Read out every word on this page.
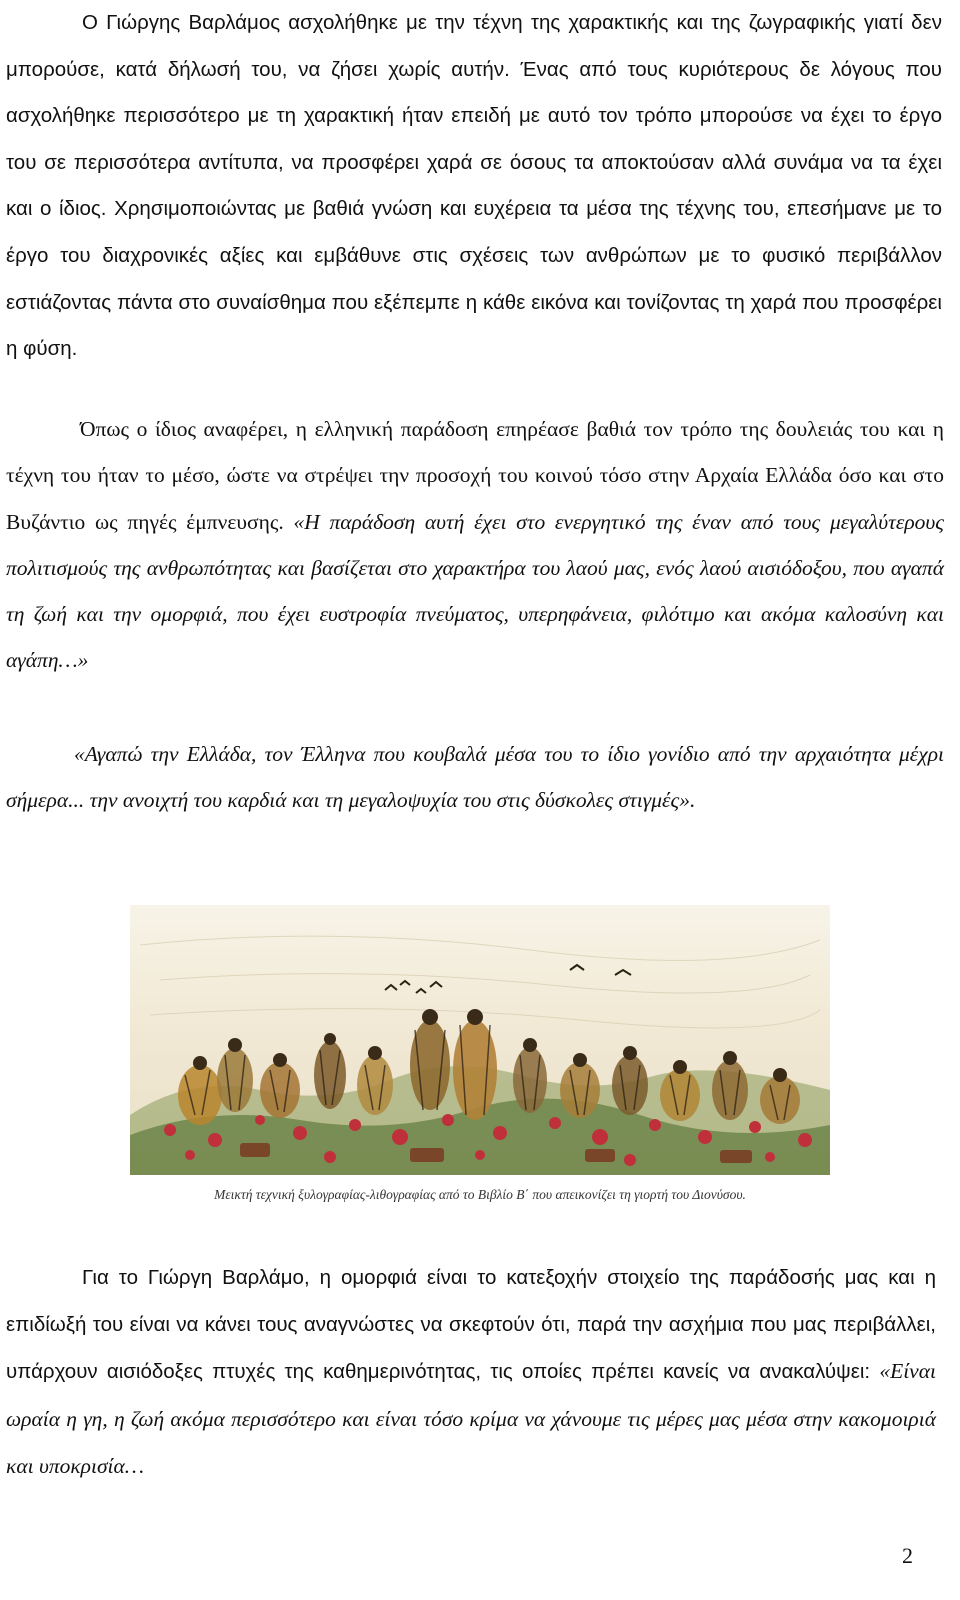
Ο Γιώργης Βαρλάμος ασχολήθηκε με την τέχνη της χαρακτικής και της ζωγραφικής γιατί δεν μπορούσε, κατά δήλωσή του, να ζήσει χωρίς αυτήν. Ένας από τους κυριότερους δε λόγους που ασχολήθηκε περισσότερο με τη χαρακτική ήταν επειδή με αυτό τον τρόπο μπορούσε να έχει το έργο του σε περισσότερα αντίτυπα, να προσφέρει χαρά σε όσους τα αποκτούσαν αλλά συνάμα να τα έχει και ο ίδιος. Χρησιμοποιώντας με βαθιά γνώση και ευχέρεια τα μέσα της τέχνης του, επεσήμανε με το έργο του διαχρονικές αξίες και εμβάθυνε στις σχέσεις των ανθρώπων με το φυσικό περιβάλλον εστιάζοντας πάντα στο συναίσθημα που εξέπεμπε η κάθε εικόνα και τονίζοντας τη χαρά που προσφέρει η φύση.

Όπως ο ίδιος αναφέρει, η ελληνική παράδοση επηρέασε βαθιά τον τρόπο της δουλειάς του και η τέχνη του ήταν το μέσο, ώστε να στρέψει την προσοχή του κοινού τόσο στην Αρχαία Ελλάδα όσο και στο Βυζάντιο ως πηγές έμπνευσης. «Η παράδοση αυτή έχει στο ενεργητικό της έναν από τους μεγαλύτερους πολιτισμούς της ανθρωπότητας και βασίζεται στο χαρακτήρα του λαού μας, ενός λαού αισιόδοξου, που αγαπά τη ζωή και την ομορφιά, που έχει ευστροφία πνεύματος, υπερηφάνεια, φιλότιμο και ακόμα καλοσύνη και αγάπη…»

«Αγαπώ την Ελλάδα, τον Έλληνα που κουβαλά μέσα του το ίδιο γονίδιο από την αρχαιότητα μέχρι σήμερα... την ανοιχτή του καρδιά και τη μεγαλοψυχία του στις δύσκολες στιγμές».

Μεικτή τεχνική ξυλογραφίας-λιθογραφίας από το Βιβλίο Β΄ που απεικονίζει τη γιορτή του Διονύσου.

Για το Γιώργη Βαρλάμο, η ομορφιά είναι το κατεξοχήν στοιχείο της παράδοσής μας και η επιδίωξή του είναι να κάνει τους αναγνώστες να σκεφτούν ότι, παρά την ασχήμια που μας περιβάλλει, υπάρχουν αισιόδοξες πτυχές της καθημερινότητας, τις οποίες πρέπει κανείς να ανακαλύψει: «Είναι ωραία η γη, η ζωή ακόμα περισσότερο και είναι τόσο κρίμα να χάνουμε τις μέρες μας μέσα στην κακομοιριά και υποκρισία…

2
